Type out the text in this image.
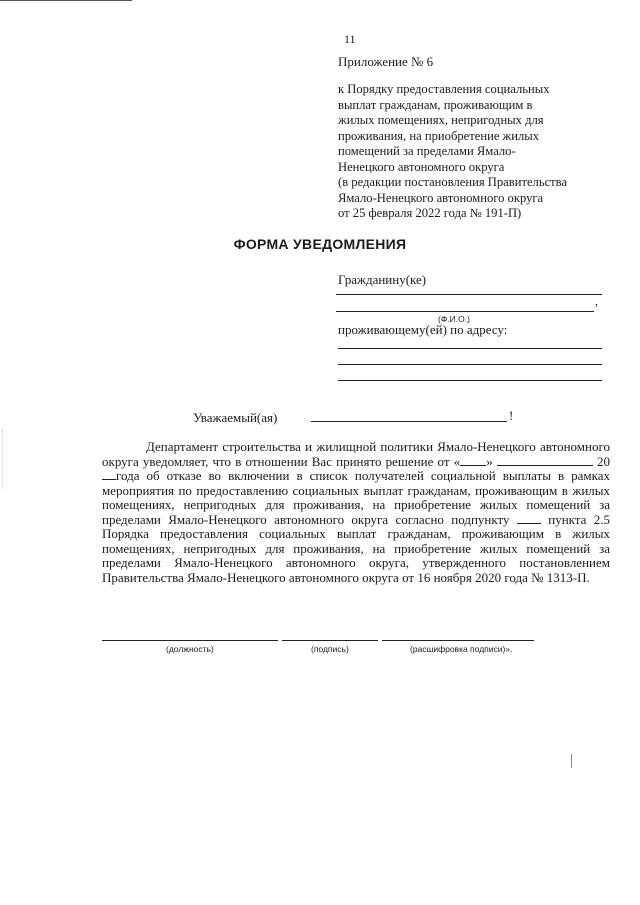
11
Приложение № 6
к Порядку предоставления социальных
выплат гражданам, проживающим в
жилых помещениях, непригодных для
проживания, на приобретение жилых
помещений за пределами Ямало-
Ненецкого автономного округа
(в редакции постановления Правительства
Ямало-Ненецкого автономного округа
от 25 февраля 2022 года № 191-П)
ФОРМА УВЕДОМЛЕНИЯ
Гражданину(ке)
,
(Ф.И.О.)
проживающему(ей) по адресу:
Уважаемый(ая)	!

Департамент строительства и жилищной политики Ямало-Ненецкого автономного округа уведомляет, что в отношении Вас принято решение от « »	20года об отказе во включении в список получателей социальной выплаты в рамках мероприятия по предоставлению социальных выплат гражданам, проживающим в жилых помещениях, непригодных для проживания, на приобретение жилых помещений за пределами Ямало-Ненецкого автономного округа согласно подпункту	пункта 2.5 Порядка предоставления социальных выплат гражданам, проживающим в жилых помещениях, непригодных для проживания, на приобретение жилых помещений за пределами Ямало-Ненецкого автономного округа, утвержденного постановлением Правительства Ямало-Ненецкого автономного округа от 16 ноября 2020 года № 1313-П.

(должность)	(подпись)	(расшифровка подписи)».
